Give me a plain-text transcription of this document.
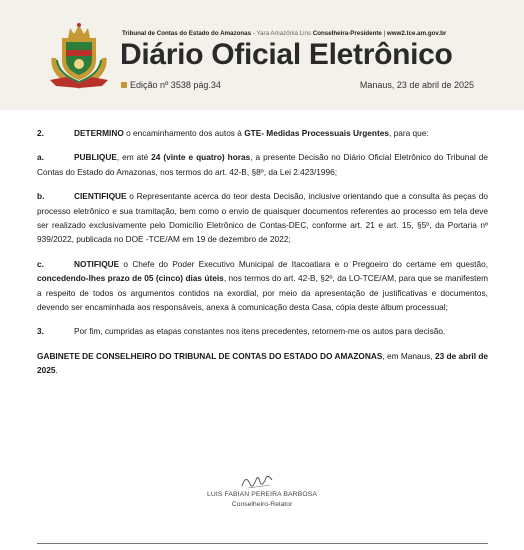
Tribunal de Contas do Estado do Amazonas - Yara Amazônia Lins Conselheira-Presidente | www2.tce.am.gov.br
Diário Oficial Eletrônico
Edição nº 3538 pág.34	Manaus, 23 de abril de 2025

2.	DETERMINO o encaminhamento dos autos à GTE- Medidas Processuais Urgentes, para que:

a.	PUBLIQUE, em até 24 (vinte e quatro) horas, a presente Decisão no Diário Oficial Eletrônico do Tribunal de Contas do Estado do Amazonas, nos termos do art. 42-B, §8º, da Lei 2.423/1996;

b.	CIENTIFIQUE o Representante acerca do teor desta Decisão, inclusive orientando que a consulta às peças do processo eletrônico e sua tramitação, bem como o envio de quaisquer documentos referentes ao processo em tela deve ser realizado exclusivamente pelo Domicílio Eletrônico de Contas-DEC, conforme art. 21 e art. 15, §5º, da Portaria nº 939/2022, publicada no DOE -TCE/AM em 19 de dezembro de 2022;

c.	NOTIFIQUE o Chefe do Poder Executivo Municipal de Itacoatiara e o Pregoeiro do certame em questão, concedendo-lhes prazo de 05 (cinco) dias úteis, nos termos do art. 42-B, §2º, da LO-TCE/AM, para que se manifestem a respeito de todos os argumentos contidos na exordial, por meio da apresentação de justificativas e documentos, devendo ser encaminhada aos responsáveis, anexa à comunicação desta Casa, cópia deste álbum processual;

3.	Por fim, cumpridas as etapas constantes nos itens precedentes, retornem-me os autos para decisão.

GABINETE DE CONSELHEIRO DO TRIBUNAL DE CONTAS DO ESTADO DO AMAZONAS, em Manaus, 23 de abril de 2025.

LUIS FABIAN PEREIRA BARBOSA
Conselheiro-Relator
